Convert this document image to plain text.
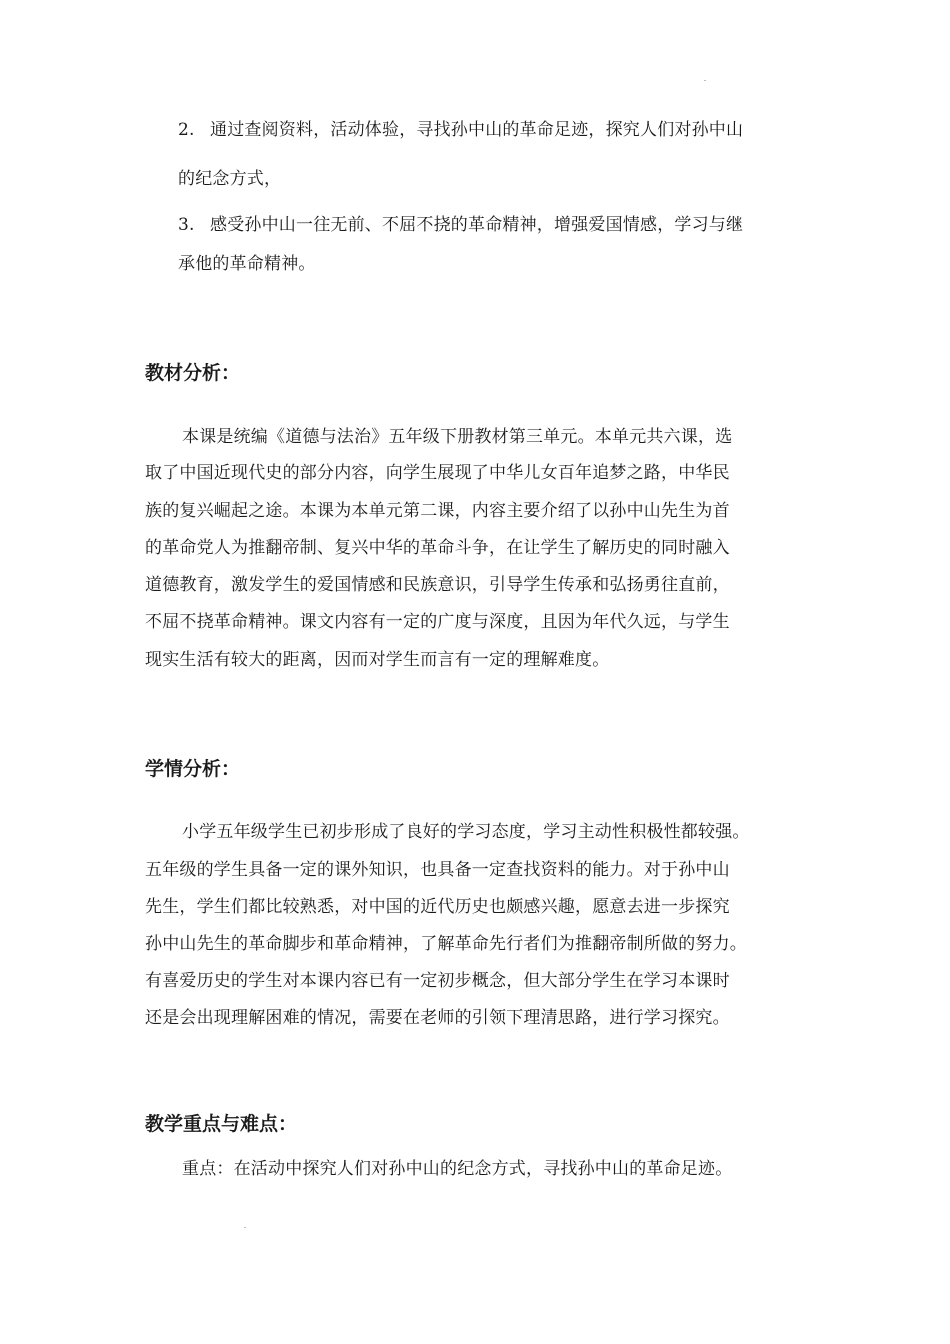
2. 通过查阅资料，活动体验，寻找孙中山的革命足迹，探究人们对孙中山
的纪念方式，
3. 感受孙中山一往无前、不屈不挠的革命精神，增强爱国情感，学习与继
承他的革命精神。
教材分析：
本课是统编《道德与法治》五年级下册教材第三单元。本单元共六课，选
取了中国近现代史的部分内容，向学生展现了中华儿女百年追梦之路，中华民
族的复兴崛起之途。本课为本单元第二课，内容主要介绍了以孙中山先生为首
的革命党人为推翻帝制、复兴中华的革命斗争，在让学生了解历史的同时融入
道德教育，激发学生的爱国情感和民族意识，引导学生传承和弘扬勇往直前，
不屈不挠革命精神。课文内容有一定的广度与深度，且因为年代久远，与学生
现实生活有较大的距离，因而对学生而言有一定的理解难度。
学情分析：
小学五年级学生已初步形成了良好的学习态度，学习主动性积极性都较强。
五年级的学生具备一定的课外知识，也具备一定查找资料的能力。对于孙中山
先生，学生们都比较熟悉，对中国的近代历史也颇感兴趣，愿意去进一步探究
孙中山先生的革命脚步和革命精神，了解革命先行者们为推翻帝制所做的努力。
有喜爱历史的学生对本课内容已有一定初步概念，但大部分学生在学习本课时
还是会出现理解困难的情况，需要在老师的引领下理清思路，进行学习探究。
教学重点与难点：
重点：在活动中探究人们对孙中山的纪念方式，寻找孙中山的革命足迹。
